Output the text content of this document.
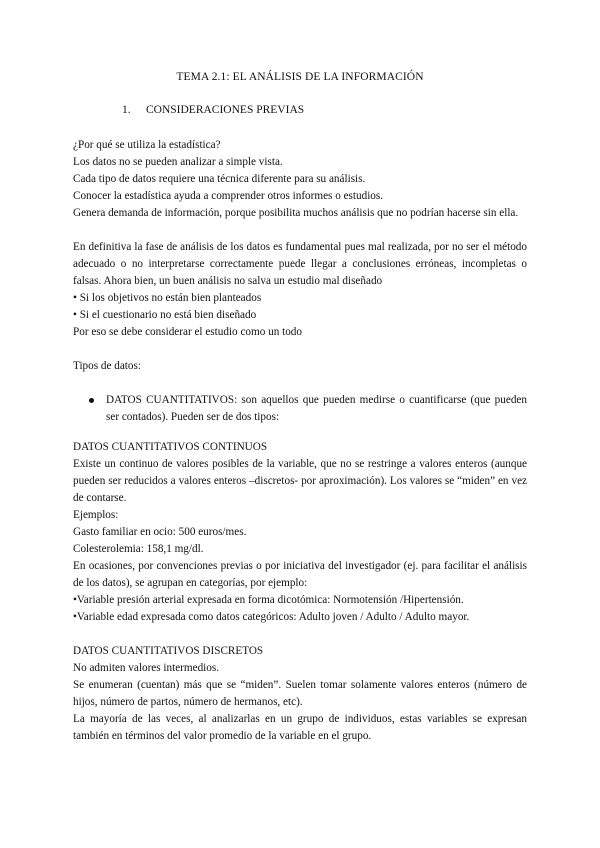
TEMA 2.1: EL ANÁLISIS DE LA INFORMACIÓN
1. CONSIDERACIONES PREVIAS
¿Por qué se utiliza la estadística?
Los datos no se pueden analizar a simple vista.
Cada tipo de datos requiere una técnica diferente para su análisis.
Conocer la estadística ayuda a comprender otros informes o estudios.
Genera demanda de información, porque posibilita muchos análisis que no podrían hacerse sin ella.
En definitiva la fase de análisis de los datos es fundamental pues mal realizada, por no ser el método adecuado o no interpretarse correctamente puede llegar a conclusiones erróneas, incompletas o falsas. Ahora bien, un buen análisis no salva un estudio mal diseñado
• Si los objetivos no están bien planteados
• Si el cuestionario no está bien diseñado
Por eso se debe considerar el estudio como un todo
Tipos de datos:
DATOS CUANTITATIVOS: son aquellos que pueden medirse o cuantificarse (que pueden ser contados). Pueden ser de dos tipos:
DATOS CUANTITATIVOS CONTINUOS
Existe un continuo de valores posibles de la variable, que no se restringe a valores enteros (aunque pueden ser reducidos a valores enteros –discretos- por aproximación). Los valores se “miden” en vez de contarse.
Ejemplos:
Gasto familiar en ocio: 500 euros/mes.
Colesterolemia: 158,1 mg/dl.
En ocasiones, por convenciones previas o por iniciativa del investigador (ej. para facilitar el análisis de los datos), se agrupan en categorías, por ejemplo:
•Variable presión arterial expresada en forma dicotómica: Normotensión /Hipertensión.
•Variable edad expresada como datos categóricos: Adulto joven / Adulto / Adulto mayor.
DATOS CUANTITATIVOS DISCRETOS
No admiten valores intermedios.
Se enumeran (cuentan) más que se “miden”. Suelen tomar solamente valores enteros (número de hijos, número de partos, número de hermanos, etc).
La mayoría de las veces, al analizarlas en un grupo de individuos, estas variables se expresan también en términos del valor promedio de la variable en el grupo.
